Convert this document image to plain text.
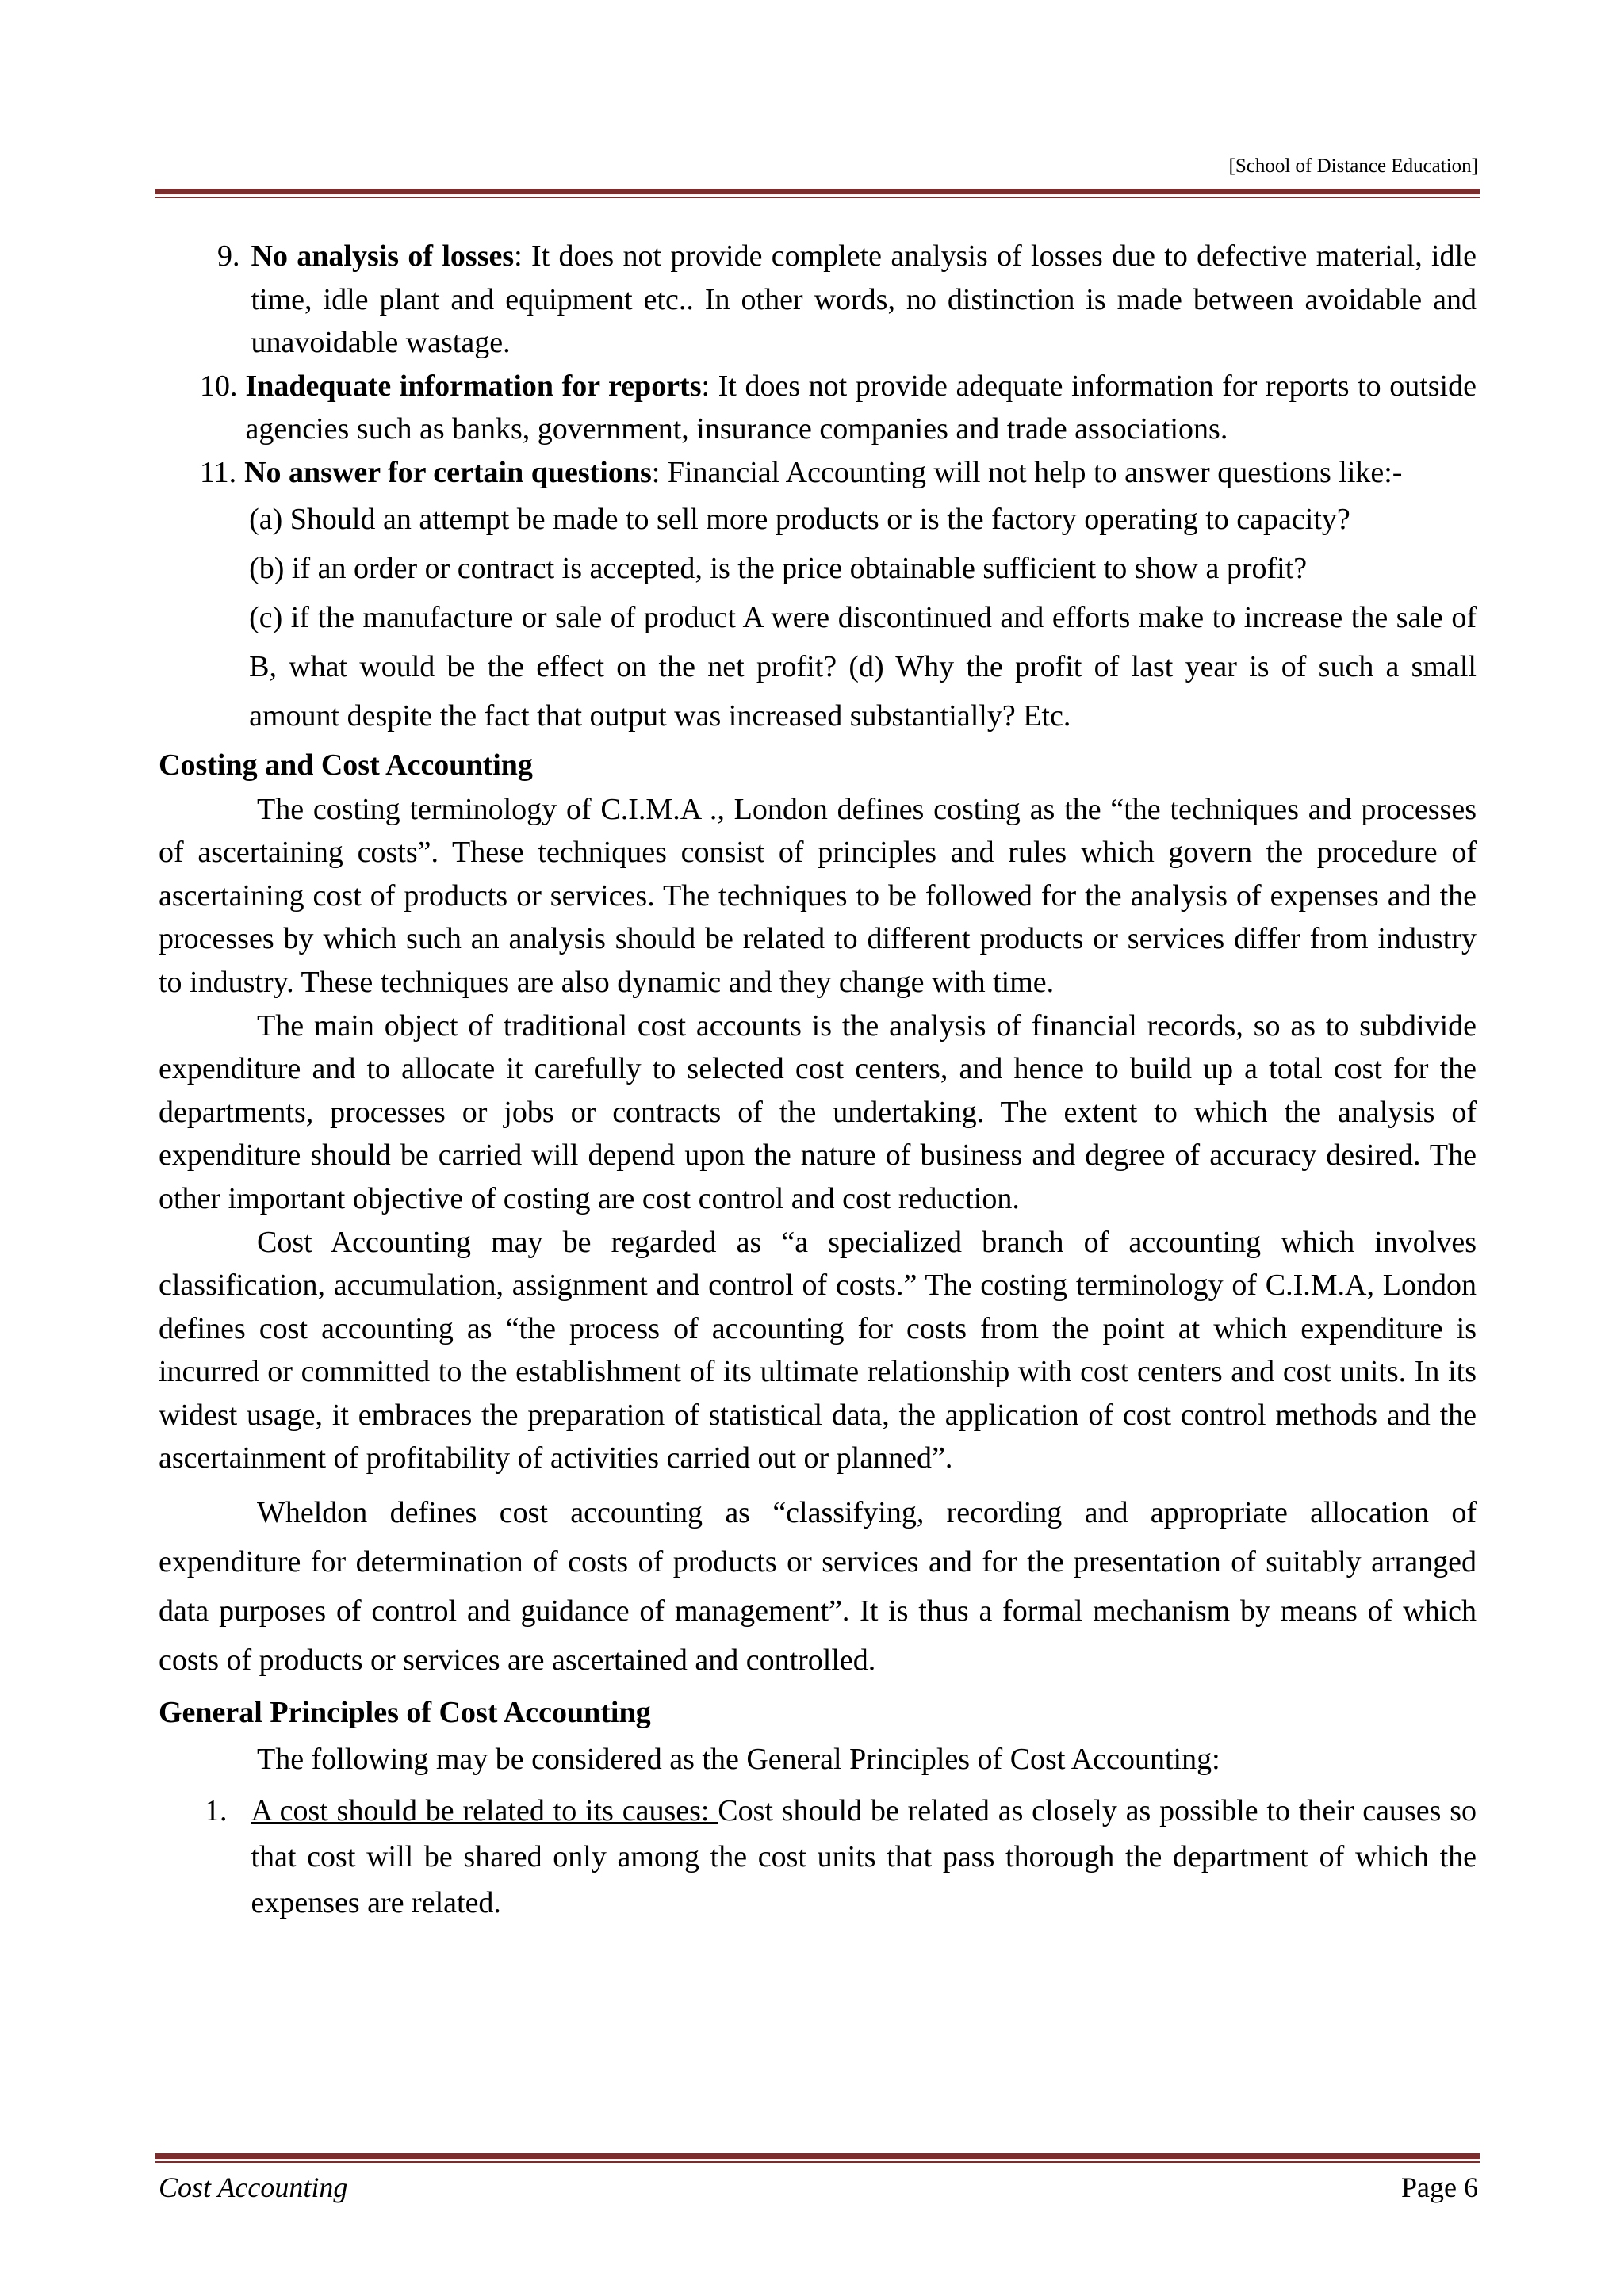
[School of Distance Education]
9. No analysis of losses: It does not provide complete analysis of losses due to defective material, idle time, idle plant and equipment etc.. In other words, no distinction is made between avoidable and unavoidable wastage.
10. Inadequate information for reports: It does not provide adequate information for reports to outside agencies such as banks, government, insurance companies and trade associations.
11. No answer for certain questions: Financial Accounting will not help to answer questions like:-
(a) Should an attempt be made to sell more products or is the factory operating to capacity?
(b) if an order or contract is accepted, is the price obtainable sufficient to show a profit?
(c) if the manufacture or sale of product A were discontinued and efforts make to increase the sale of B, what would be the effect on the net profit? (d) Why the profit of last year is of such a small amount despite the fact that output was increased substantially? Etc.
Costing and Cost Accounting

The costing terminology of C.I.M.A ., London defines costing as the “the techniques and processes of ascertaining costs”. These techniques consist of principles and rules which govern the procedure of ascertaining cost of products or services. The techniques to be followed for the analysis of expenses and the processes by which such an analysis should be related to different products or services differ from industry to industry. These techniques are also dynamic and they change with time.

The main object of traditional cost accounts is the analysis of financial records, so as to subdivide expenditure and to allocate it carefully to selected cost centers, and hence to build up a total cost for the departments, processes or jobs or contracts of the undertaking. The extent to which the analysis of expenditure should be carried will depend upon the nature of business and degree of accuracy desired. The other important objective of costing are cost control and cost reduction.

Cost Accounting may be regarded as “a specialized branch of accounting which involves classification, accumulation, assignment and control of costs.” The costing terminology of C.I.M.A, London defines cost accounting as “the process of accounting for costs from the point at which expenditure is incurred or committed to the establishment of its ultimate relationship with cost centers and cost units. In its widest usage, it embraces the preparation of statistical data, the application of cost control methods and the ascertainment of profitability of activities carried out or planned”.

Wheldon defines cost accounting as “classifying, recording and appropriate allocation of expenditure for determination of costs of products or services and for the presentation of suitably arranged data purposes of control and guidance of management”. It is thus a formal mechanism by means of which costs of products or services are ascertained and controlled.

General Principles of Cost Accounting

The following may be considered as the General Principles of Cost Accounting:

1. A cost should be related to its causes: Cost should be related as closely as possible to their causes so that cost will be shared only among the cost units that pass thorough the department of which the expenses are related.
Cost Accounting	Page 6
